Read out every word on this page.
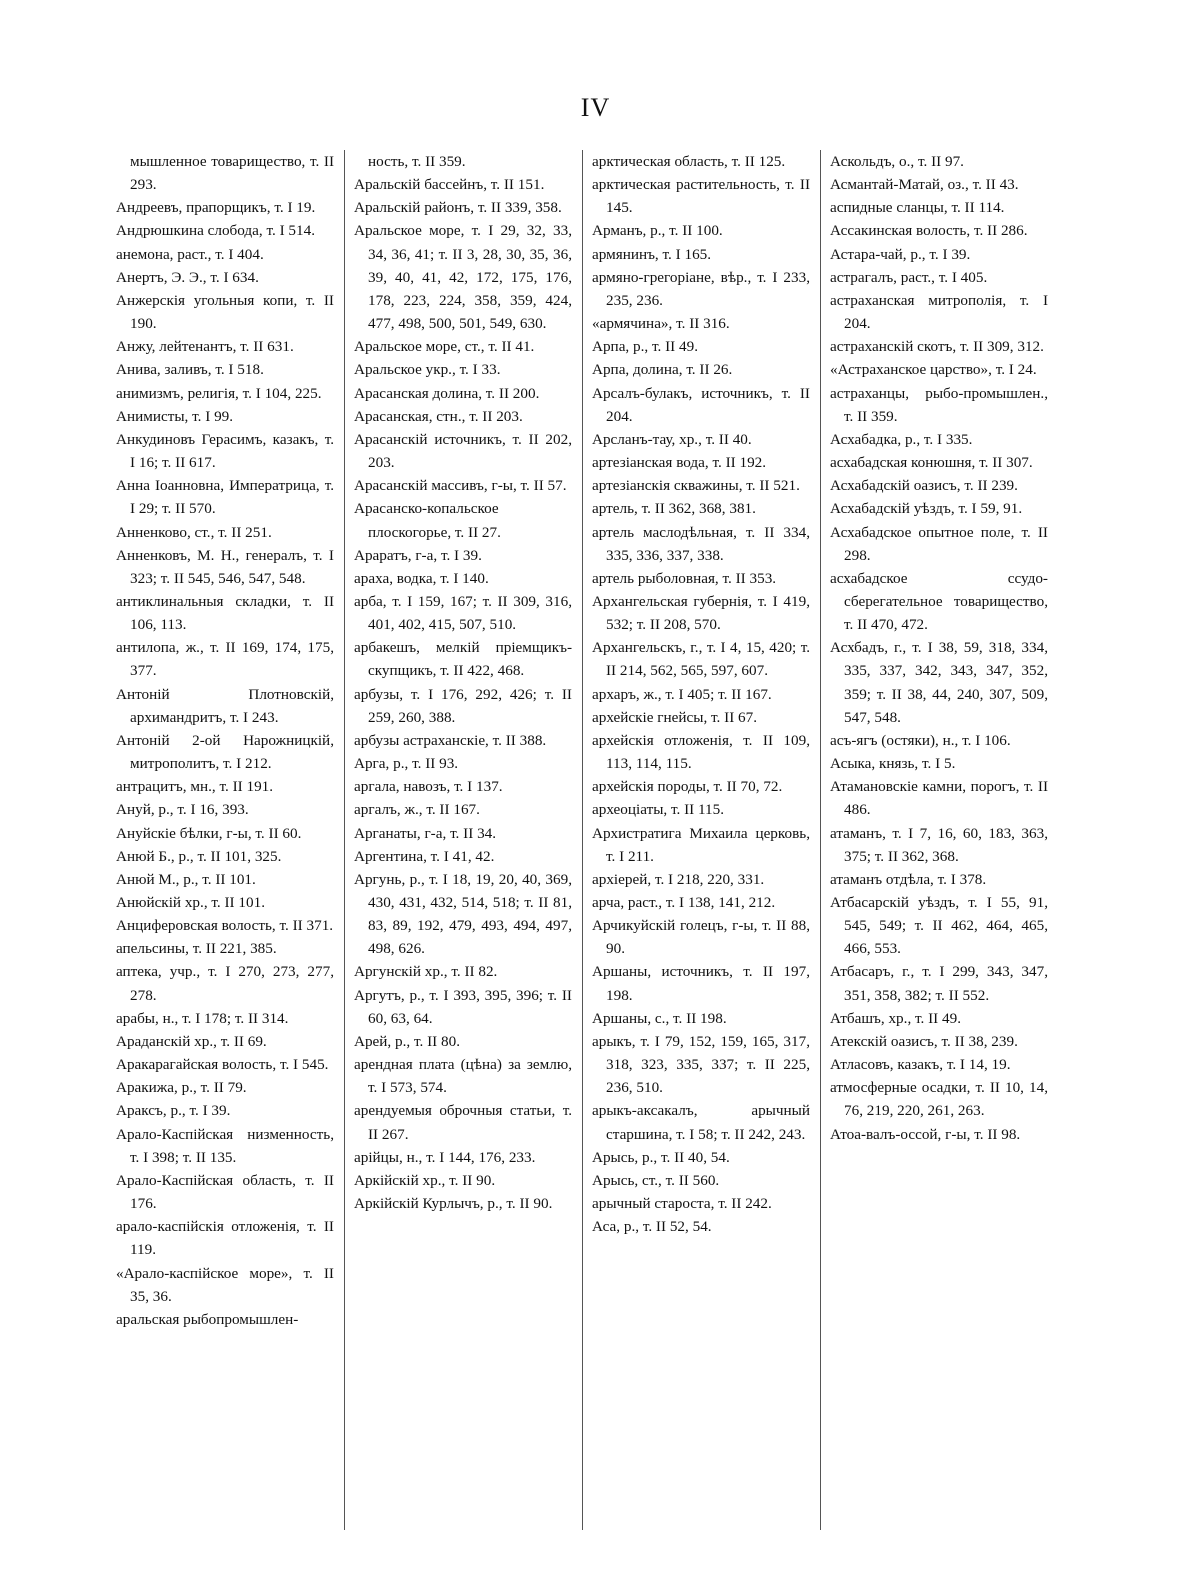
IV

мышленное товарищество, т. II 293.

Андреевъ, прапорщикъ, т. I 19.

Андрюшкина слобода, т. I 514.

анемона, раст., т. I 404.

Анертъ, Э. Э., т. I 634.

Анжерскія угольныя копи, т. II 190.

Анжу, лейтенантъ, т. II 631.

Анива, заливъ, т. I 518.

анимизмъ, религія, т. I 104, 225.

Анимисты, т. I 99.

Анкудиновъ Герасимъ, казакъ, т. I 16; т. II 617.

Анна Іоанновна, Императрица, т. I 29; т. II 570.

Анненково, ст., т. II 251.

Анненковъ, М. Н., генералъ, т. I 323; т. II 545, 546, 547, 548.

антиклинальныя складки, т. II 106, 113.

антилопа, ж., т. II 169, 174, 175, 377.

Антоній Плотновскій, архимандритъ, т. I 243.

Антоній 2-ой Нарожницкій, митрополитъ, т. I 212.

антрацитъ, мн., т. II 191.

Ануй, р., т. I 16, 393.

Ануйскіе бѣлки, г-ы, т. II 60.

Анюй Б., р., т. II 101, 325.

Анюй М., р., т. II 101.

Анюйскій хр., т. II 101.

Анциферовская волость, т. II 371.

апельсины, т. II 221, 385.

аптека, учр., т. I 270, 273, 277, 278.

арабы, н., т. I 178; т. II 314.

Араданскій хр., т. II 69.

Аракарагайская волость, т. I 545.

Аракижа, р., т. II 79.

Араксъ, р., т. I 39.

Арало-Каспійская низменность, т. I 398; т. II 135.

Арало-Каспійская область, т. II 176.

арало-каспійскія отложенія, т. II 119.

«Арало-каспійское море», т. II 35, 36.

аральская рыбопромышлен-

ность, т. II 359.

Аральскій бассейнъ, т. II 151.

Аральскій районъ, т. II 339, 358.

Аральское море, т. I 29, 32, 33, 34, 36, 41; т. II 3, 28, 30, 35, 36, 39, 40, 41, 42, 172, 175, 176, 178, 223, 224, 358, 359, 424, 477, 498, 500, 501, 549, 630.

Аральское море, ст., т. II 41.

Аральское укр., т. I 33.

Арасанская долина, т. II 200.

Арасанская, стн., т. II 203.

Арасанскій источникъ, т. II 202, 203.

Арасанскій массивъ, г-ы, т. II 57.

Арасанско-копальское плоскогорье, т. II 27.

Араратъ, г-а, т. I 39.

араха, водка, т. I 140.

арба, т. I 159, 167; т. II 309, 316, 401, 402, 415, 507, 510.

арбакешъ, мелкій пріемщикъ-скупщикъ, т. II 422, 468.

арбузы, т. I 176, 292, 426; т. II 259, 260, 388.

арбузы астраханскіе, т. II 388.

Арга, р., т. II 93.

аргала, навозъ, т. I 137.

аргалъ, ж., т. II 167.

Арганаты, г-а, т. II 34.

Аргентина, т. I 41, 42.

Аргунь, р., т. I 18, 19, 20, 40, 369, 430, 431, 432, 514, 518; т. II 81, 83, 89, 192, 479, 493, 494, 497, 498, 626.

Аргунскій хр., т. II 82.

Аргутъ, р., т. I 393, 395, 396; т. II 60, 63, 64.

Арей, р., т. II 80.

арендная плата (цѣна) за землю, т. I 573, 574.

арендуемыя оброчныя статьи, т. II 267.

арійцы, н., т. I 144, 176, 233.

Аркійскій хр., т. II 90.

Аркійскій Курлычъ, р., т. II 90.

арктическая область, т. II 125.

арктическая растительность, т. II 145.

Арманъ, р., т. II 100.

армянинъ, т. I 165.

армяно-грегоріане, вѣр., т. I 233, 235, 236.

«армячина», т. II 316.

Арпа, р., т. II 49.

Арпа, долина, т. II 26.

Арсалъ-булакъ, источникъ, т. II 204.

Арсланъ-тау, хр., т. II 40.

артезіанская вода, т. II 192.

артезіанскія скважины, т. II 521.

артель, т. II 362, 368, 381.

артель маслодѣльная, т. II 334, 335, 336, 337, 338.

артель рыболовная, т. II 353.

Архангельская губернія, т. I 419, 532; т. II 208, 570.

Архангельскъ, г., т. I 4, 15, 420; т. II 214, 562, 565, 597, 607.

архаръ, ж., т. I 405; т. II 167.

архейскіе гнейсы, т. II 67.

архейскія отложенія, т. II 109, 113, 114, 115.

архейскія породы, т. II 70, 72.

археоціаты, т. II 115.

Архистратига Михаила церковь, т. I 211.

архіерей, т. I 218, 220, 331.

арча, раст., т. I 138, 141, 212.

Арчикуйскій голецъ, г-ы, т. II 88, 90.

Аршаны, источникъ, т. II 197, 198.

Аршаны, с., т. II 198.

арыкъ, т. I 79, 152, 159, 165, 317, 318, 323, 335, 337; т. II 225, 236, 510.

арыкъ-аксакалъ, арычный старшина, т. I 58; т. II 242, 243.

Арысь, р., т. II 40, 54.

Арысь, ст., т. II 560.

арычный староста, т. II 242.

Аса, р., т. II 52, 54.

Аскольдъ, о., т. II 97.

Асмантай-Матай, оз., т. II 43.

аспидные сланцы, т. II 114.

Ассакинская волость, т. II 286.

Астара-чай, р., т. I 39.

астрагалъ, раст., т. I 405.

астраханская митрополія, т. I 204.

астраханскій скотъ, т. II 309, 312.

«Астраханское царство», т. I 24.

астраханцы, рыбо-промышлен., т. II 359.

Асхабадка, р., т. I 335.

асхабадская конюшня, т. II 307.

Асхабадскій оазисъ, т. II 239.

Асхабадскій уѣздъ, т. I 59, 91.

Асхабадское опытное поле, т. II 298.

асхабадское ссудо-сберегательное товарищество, т. II 470, 472.

Асхбадъ, г., т. I 38, 59, 318, 334, 335, 337, 342, 343, 347, 352, 359; т. II 38, 44, 240, 307, 509, 547, 548.

асъ-ягъ (остяки), н., т. I 106.

Асыка, князь, т. I 5.

Атамановскіе камни, порогъ, т. II 486.

атаманъ, т. I 7, 16, 60, 183, 363, 375; т. II 362, 368.

атаманъ отдѣла, т. I 378.

Атбасарскій уѣздъ, т. I 55, 91, 545, 549; т. II 462, 464, 465, 466, 553.

Атбасаръ, г., т. I 299, 343, 347, 351, 358, 382; т. II 552.

Атбашъ, хр., т. II 49.

Атекскій оазисъ, т. II 38, 239.

Атласовъ, казакъ, т. I 14, 19.

атмосферные осадки, т. II 10, 14, 76, 219, 220, 261, 263.

Атоа-валъ-оссой, г-ы, т. II 98.
